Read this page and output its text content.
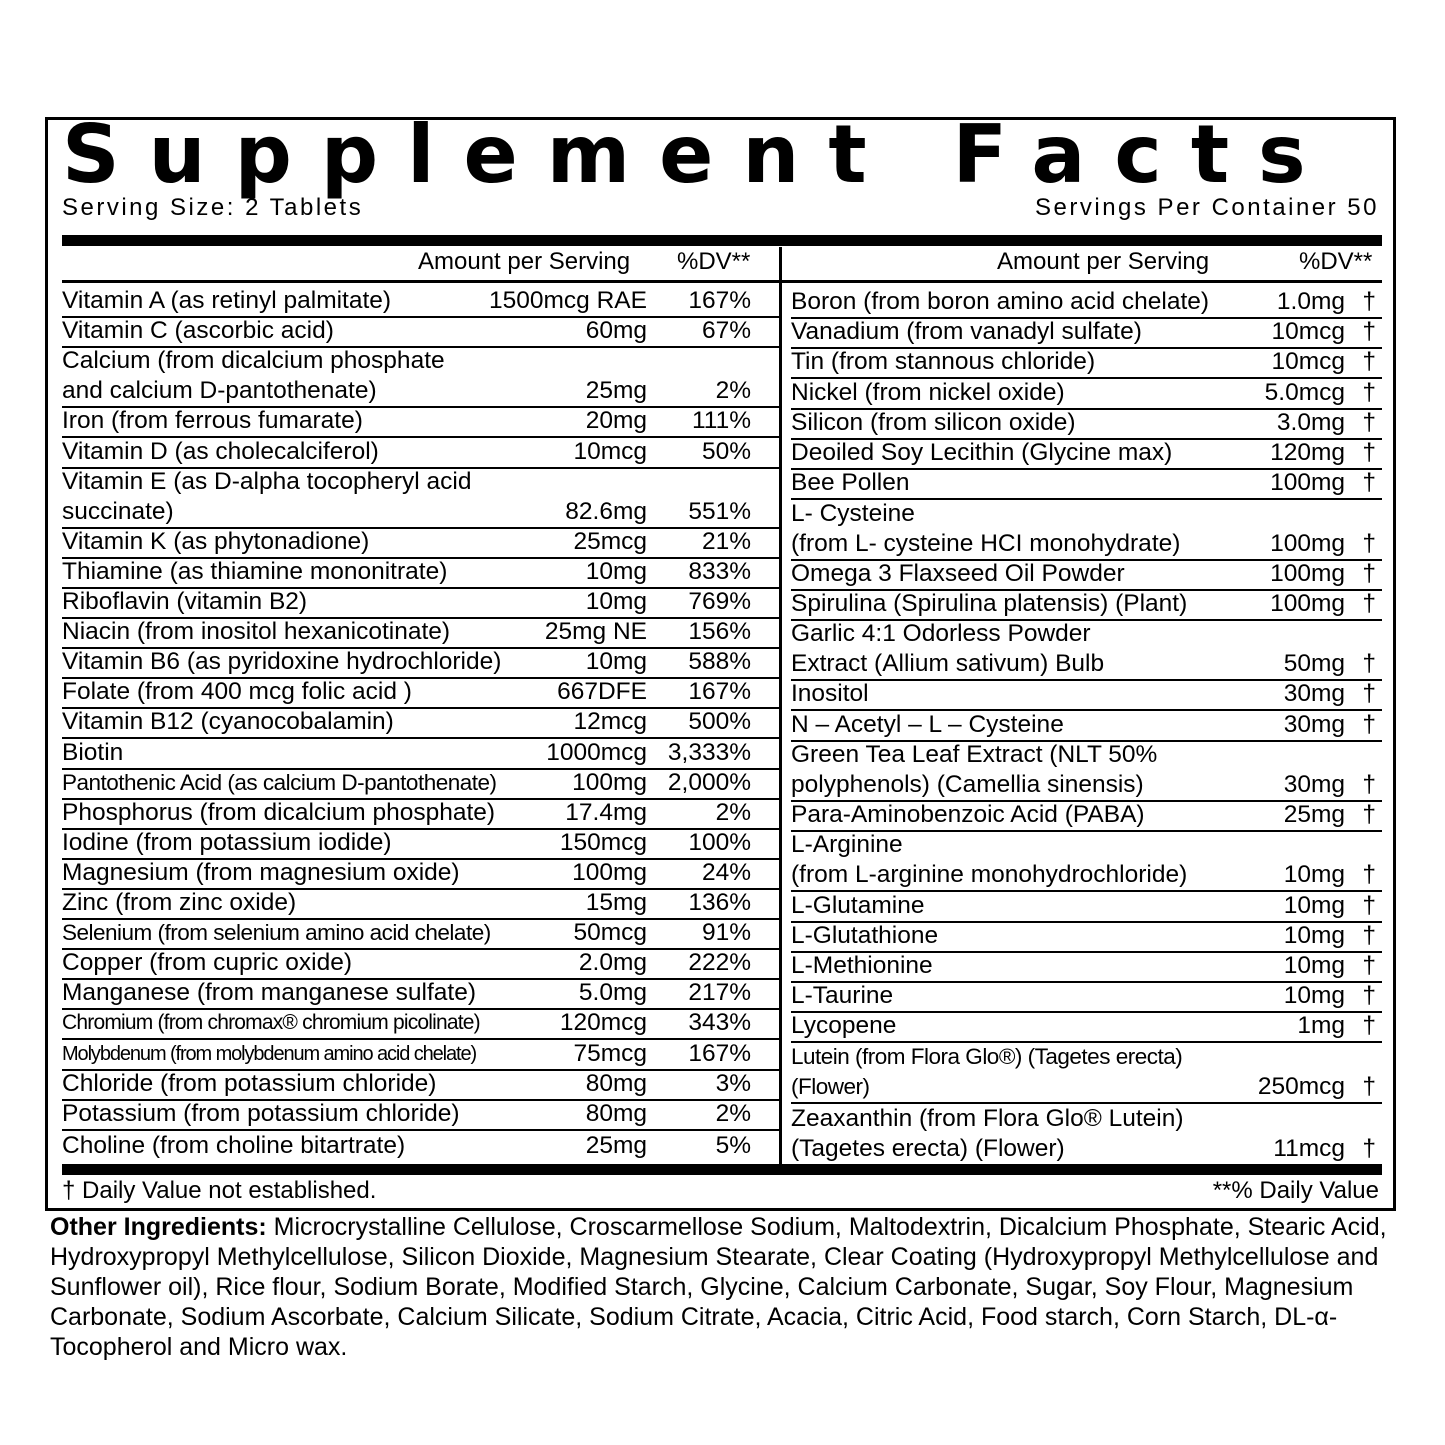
Supplement Facts
Serving Size: 2 Tablets	Servings Per Container 50
Amount per Serving %DV**	Amount per Serving	%DV**
Vitamin A (as retinyl palmitate)	1500mcg RAE 167%
Vitamin C (ascorbic acid)	60mg 67%
Calcium (from dicalcium phosphate
and calcium D-pantothenate)	25mg	2%
Iron (from ferrous fumarate)	20mg 111%
Vitamin D (as cholecalciferol)	10mcg 50%
Vitamin E (as D-alpha tocopheryl acid
succinate)	82.6mg 551%
Vitamin K (as phytonadione)	25mcg 21%
Thiamine (as thiamine mononitrate)	10mg 833%
Riboflavin (vitamin B2)	10mg 769%
Niacin (from inositol hexanicotinate)	25mg NE 156%
Vitamin B6 (as pyridoxine hydrochloride)	10mg 588%
Folate (from 400 mcg folic acid )	667DFE 167%
Vitamin B12 (cyanocobalamin)	12mcg 500%
Biotin	1000mcg 3,333%
Pantothenic Acid (as calcium D-pantothenate)	100mg 2,000%
Phosphorus (from dicalcium phosphate)	17.4mg	2%
Iodine (from potassium iodide)	150mcg 100%
Magnesium (from magnesium oxide)	100mg 24%
Zinc (from zinc oxide)	15mg 136%
Selenium (from selenium amino acid chelate)	50mcg 91%
Copper (from cupric oxide)	2.0mg 222%
Manganese (from manganese sulfate)	5.0mg 217%
Chromium (from chromax® chromium picolinate)	120mcg 343%
Molybdenum (from molybdenum amino acid chelate)	75mcg 167%
Chloride (from potassium chloride)	80mg	3%
Potassium (from potassium chloride)	80mg	2%
Choline (from choline bitartrate)	25mg	5%
Boron (from boron amino acid chelate)	1.0mg †
Vanadium (from vanadyl sulfate)	10mcg †
Tin (from stannous chloride)	10mcg †
Nickel (from nickel oxide)	5.0mcg †
Silicon (from silicon oxide)	3.0mg †
Deoiled Soy Lecithin (Glycine max)	120mg †
Bee Pollen	100mg †
L- Cysteine
(from L- cysteine HCI monohydrate)	100mg †
Omega 3 Flaxseed Oil Powder	100mg †
Spirulina (Spirulina platensis) (Plant)	100mg †
Garlic 4:1 Odorless Powder
Extract (Allium sativum) Bulb	50mg †
Inositol	30mg †
N – Acetyl – L – Cysteine	30mg †
Green Tea Leaf Extract (NLT 50%
polyphenols) (Camellia sinensis)	30mg †
Para-Aminobenzoic Acid (PABA)	25mg †
L-Arginine
(from L-arginine monohydrochloride)	10mg †
L-Glutamine	10mg †
L-Glutathione	10mg †
L-Methionine	10mg †
L-Taurine	10mg †
Lycopene	1mg †
Lutein (from Flora Glo®) (Tagetes erecta)
(Flower)	250mcg †
Zeaxanthin (from Flora Glo® Lutein)
(Tagetes erecta) (Flower)	11mcg †
† Daily Value not established.	**% Daily Value
Other Ingredients: Microcrystalline Cellulose, Croscarmellose Sodium, Maltodextrin, Dicalcium Phosphate, Stearic Acid, Hydroxypropyl Methylcellulose, Silicon Dioxide, Magnesium Stearate, Clear Coating (Hydroxypropyl Methylcellulose and Sunflower oil), Rice flour, Sodium Borate, Modified Starch, Glycine, Calcium Carbonate, Sugar, Soy Flour, Magnesium Carbonate, Sodium Ascorbate, Calcium Silicate, Sodium Citrate, Acacia, Citric Acid, Food starch, Corn Starch, DL-α-Tocopherol and Micro wax.
